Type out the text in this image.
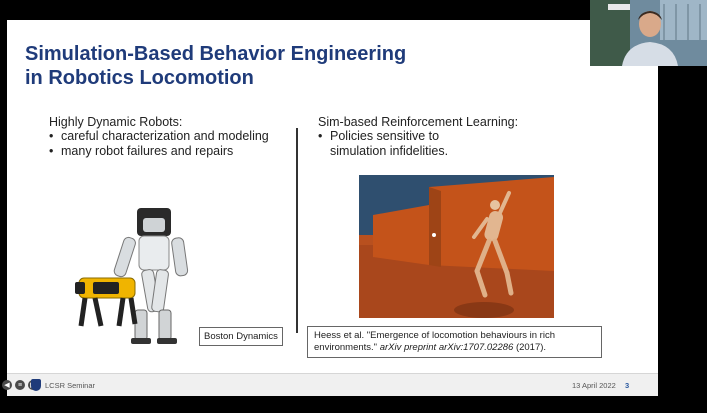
Simulation-Based Behavior Engineering
in Robotics Locomotion
Highly Dynamic Robots:
• careful characterization and modeling
• many robot failures and repairs
Sim-based Reinforcement Learning:
• Policies sensitive to simulation infidelities.
Boston Dynamics	Heess et al. "Emergence of locomotion behaviours in rich environments." arXiv preprint arXiv:1707.02286 (2017).
◀	≡	LCSR Seminar	13 April 2022 3
